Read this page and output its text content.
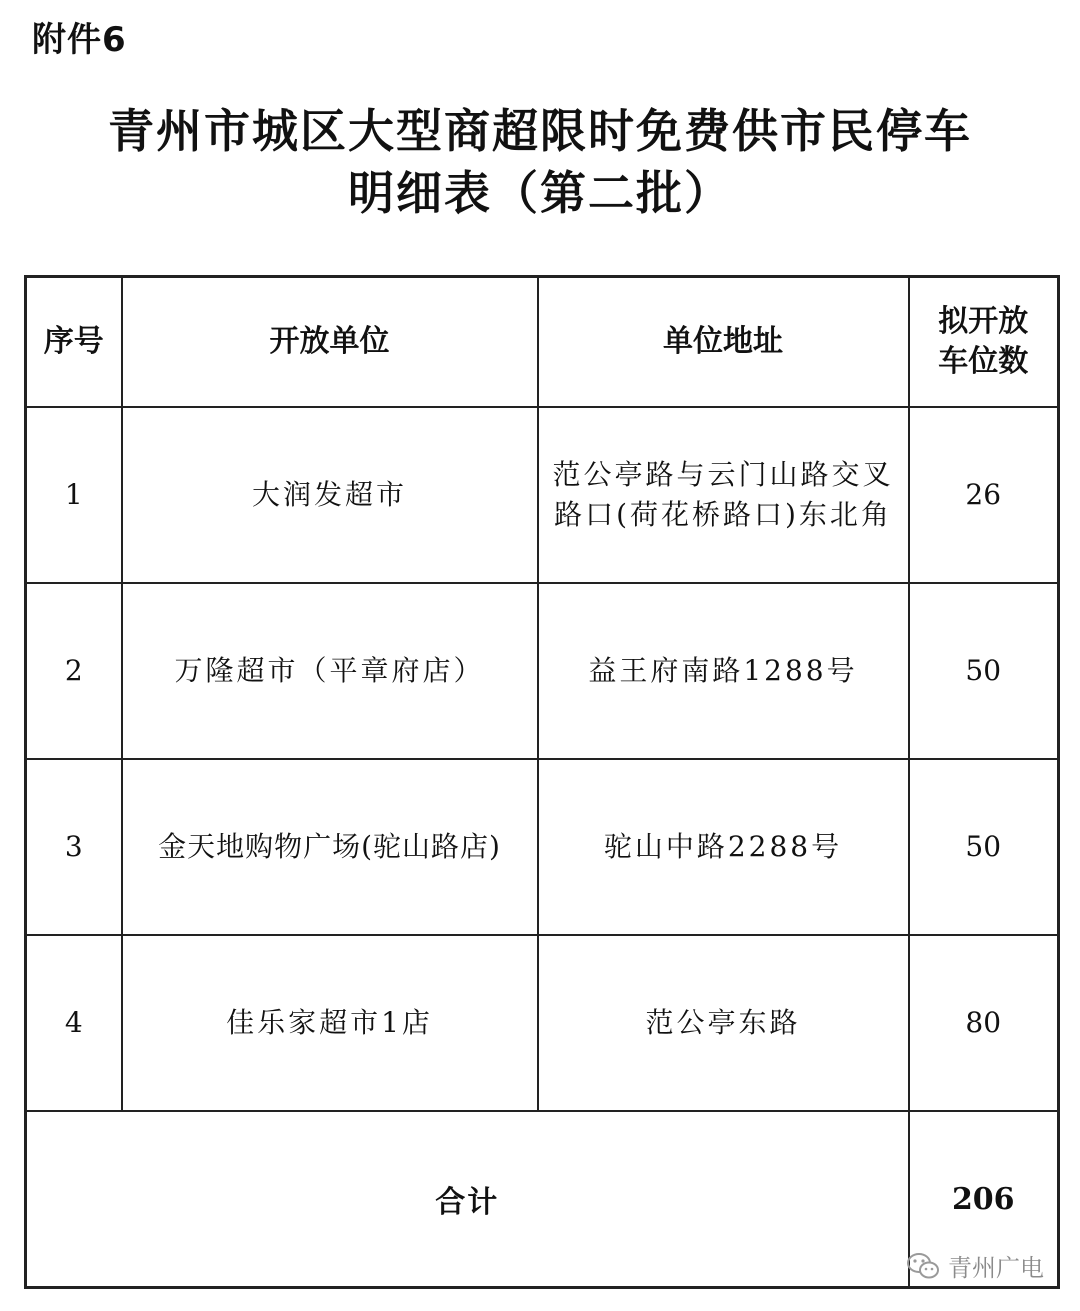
附件6
青州市城区大型商超限时免费供市民停车
明细表（第二批）
序号	开放单位	单位地址	拟开放
车位数
1	大润发超市	范公亭路与云门山路交叉路口(荷花桥路口)东北角	26
2	万隆超市（平章府店）	益王府南路1288号	50
3	金天地购物广场(驼山路店)	驼山中路2288号	50
4	佳乐家超市1店	范公亭东路	80
合计			206
青州广电
